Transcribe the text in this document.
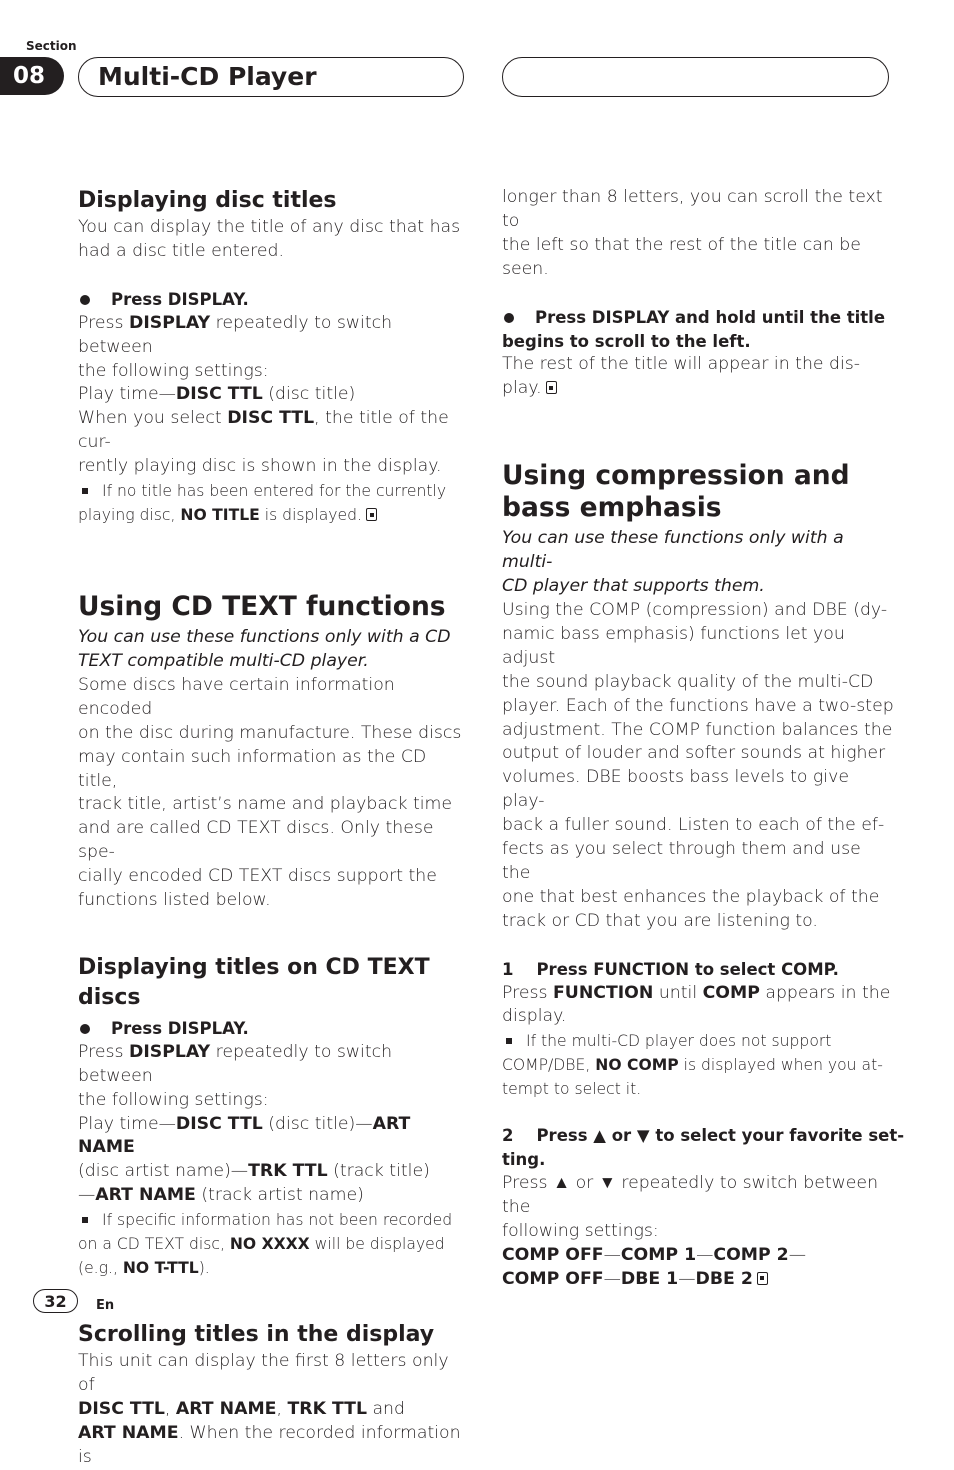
Section
08	Multi-CD Player
Displaying disc titles

You can display the title of any disc that has

had a disc title entered.

Press DISPLAY.

Press DISPLAY repeatedly to switch between

the following settings:

Play time—DISC TTL (disc title)

When you select DISC TTL, the title of the cur-

rently playing disc is shown in the display.

If no title has been entered for the currently

playing disc, NO TITLE is displayed.

Using CD TEXT functions

You can use these functions only with a CD

TEXT compatible multi-CD player.

Some discs have certain information encoded

on the disc during manufacture. These discs

may contain such information as the CD title,

track title, artist’s name and playback time

and are called CD TEXT discs. Only these spe-

cially encoded CD TEXT discs support the

functions listed below.

Displaying titles on CD TEXT discs
Press DISPLAY.

Press DISPLAY repeatedly to switch between

the following settings:

Play time—DISC TTL (disc title)—ART NAME

(disc artist name)—TRK TTL (track title)

—ART NAME (track artist name)

If specific information has not been recorded

on a CD TEXT disc, NO XXXX will be displayed

(e.g., NO T-TTL).

Scrolling titles in the display

This unit can display the first 8 letters only of

DISC TTL, ART NAME, TRK TTL and

ART NAME. When the recorded information is

longer than 8 letters, you can scroll the text to

the left so that the rest of the title can be seen.

Press DISPLAY and hold until the title
begins to scroll to the left.

The rest of the title will appear in the dis-

play.

Using compression and
bass emphasis

You can use these functions only with a multi-

CD player that supports them.

Using the COMP (compression) and DBE (dy-

namic bass emphasis) functions let you adjust

the sound playback quality of the multi-CD

player. Each of the functions have a two-step

adjustment. The COMP function balances the

output of louder and softer sounds at higher

volumes. DBE boosts bass levels to give play-

back a fuller sound. Listen to each of the ef-

fects as you select through them and use the

one that best enhances the playback of the

track or CD that you are listening to.

1    Press FUNCTION to select COMP.

Press FUNCTION until COMP appears in the

display.

If the multi-CD player does not support

COMP/DBE, NO COMP is displayed when you at-

tempt to select it.

2    Press ▲ or ▼ to select your favorite set-
ting.

Press ▲ or ▼ repeatedly to switch between the

following settings:

COMP OFF—COMP 1—COMP 2—

COMP OFF—DBE 1—DBE 2

32	En
